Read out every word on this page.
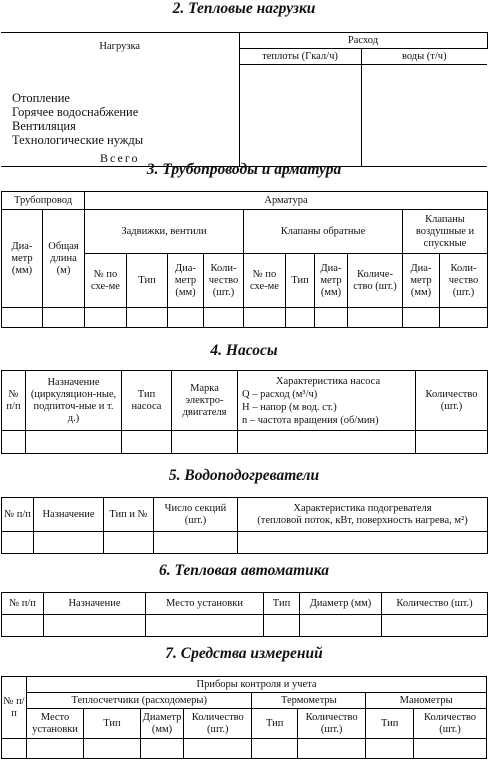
2. Тепловые нагрузки
Нагрузка	Расход	
	теплоты (Гкал/ч)	воды (т/ч)

Отопление
Горячее водоснабжение
Вентиляция
Технологические нужды		

Всего		
3. Трубопроводы и арматура
Трубопровод		Арматура									
Диа-метр (мм)	Общая длина (м)	Задвижки, вентили				Клапаны обратные				Клапаны воздушные и спускные	
		№ по схе-ме	Тип	Диа-метр (мм)	Коли-чество (шт.)	№ по схе-ме	Тип	Диа-метр (мм)	Количе-ство (шт.)	Диа-метр (мм)	Коли-чество (шт.)

4. Насосы
№ п/п	Назначение (циркуляцион-ные, подпиточ-ные и т. д.)	Тип насоса	Марка электро-двигателя	Характеристика насоса
Q – расход (м³/ч)
H – напор (м вод. ст.)
n – частота вращения (об/мин)	Количество (шт.)

5. Водоподогреватели
№ п/п	Назначение	Тип и №	Число секций (шт.)	Характеристика подогревателя
(тепловой поток, кВт, поверхность нагрева, м²)

6. Тепловая автоматика
№ п/п	Назначение	Место установки	Тип	Диаметр (мм)	Количество (шт.)

7. Средства измерений
№ п/п	Приборы контроля и учета							
	Теплосчетчики (расходомеры)				Термометры		Манометры	
	Место установки	Тип	Диаметр (мм)	Количество (шт.)	Тип	Количество (шт.)	Тип	Количество (шт.)
